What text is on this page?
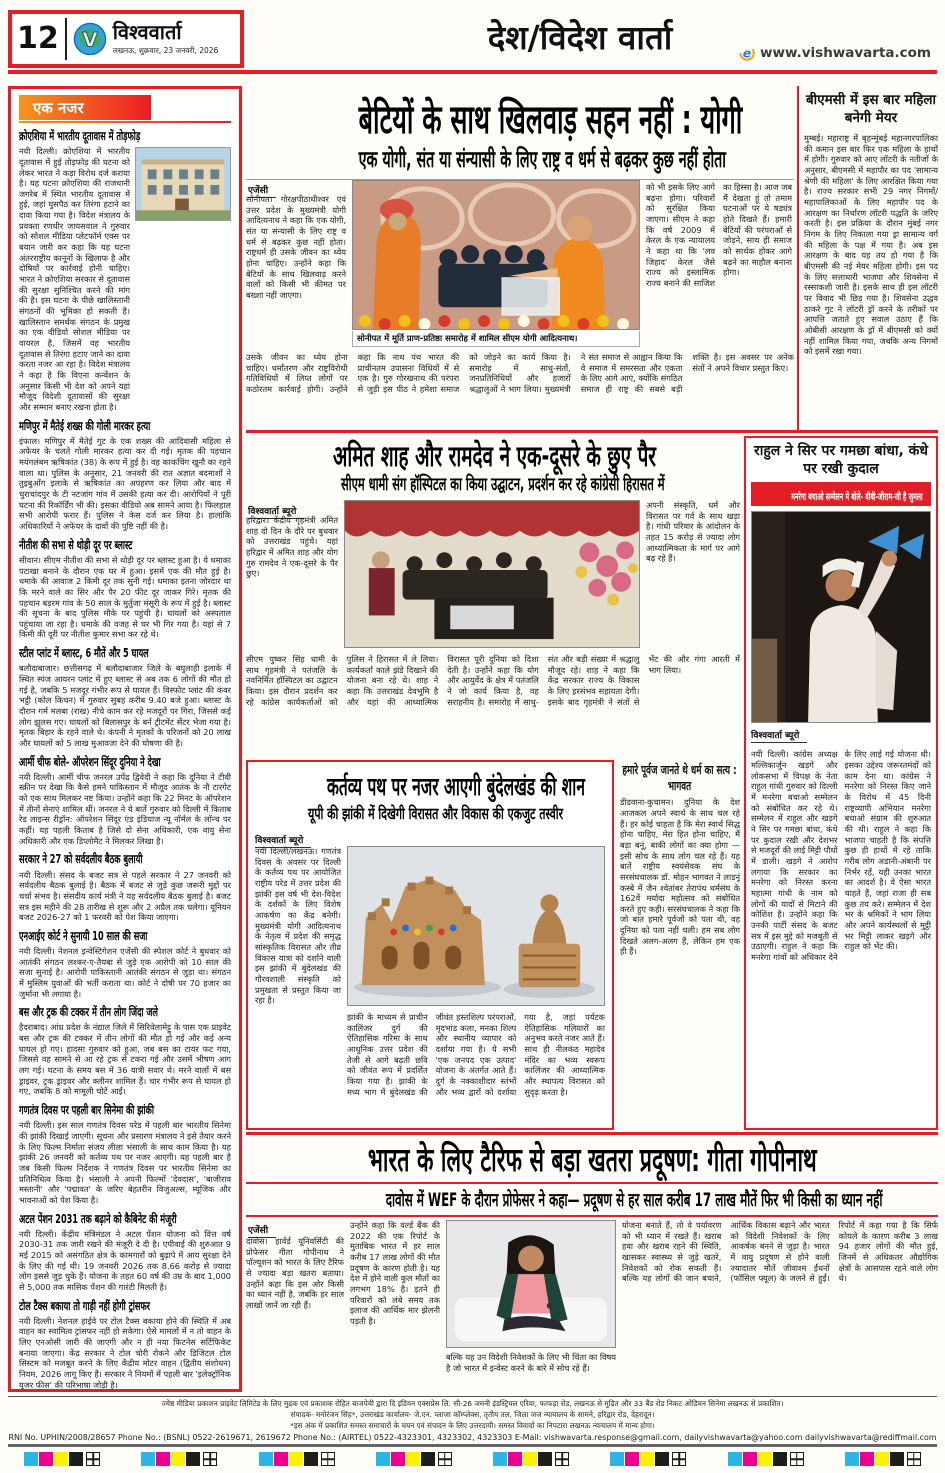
12 V विश्ववार्ता
लखनऊ, शुक्रवार, 23 जनवरी, 2026	देश/विदेश वार्ता	e www.vishwavarta.com
एक नजर
क्रोएशिया में भारतीय दूतावास में तोड़फोड़

नयी दिल्ली। क्रोएशिया में भारतीय दूतावास में हुई तोड़फोड़ की घटना को लेकर भारत ने कड़ा विरोध दर्ज कराया है। यह घटना क्रोएशिया की राजधानी जगरेब में स्थित भारतीय दूतावास में हुई, जहां घुसपैठ कर तिरंगा हटाने का दावा किया गया है। विदेश मंत्रालय के प्रवक्ता रणधीर जायसवाल ने गुरुवार को सोशल मीडिया प्लेटफॉर्म एक्स पर बयान जारी कर कहा कि यह घटना अंतरराष्ट्रीय कानूनों के खिलाफ है और दोषियों पर कार्रवाई होनी चाहिए। भारत ने क्रोएशिया सरकार से दूतावास की सुरक्षा सुनिश्चित करने की मांग की है। इस घटना के पीछे खालिस्तानी संगठनों की भूमिका हो सकती है। खालिस्तान समर्थक संगठन के प्रमुख का एक वीडियो सोशल मीडिया पर वायरल है, जिसमें वह भारतीय दूतावास से तिरंगा हटाए जाने का दावा करता नजर आ रहा है। विदेश मंत्रालय ने कहा है कि विएना कन्वेंशन के अनुसार किसी भी देश को अपने यहां मौजूद विदेशी दूतावासों की सुरक्षा और सम्मान बनाए रखना होता है।

मणिपुर में मैतेई शख्स की गोली मारकर हत्या

इंफाल। मणिपुर में मैतेई गुट के एक शख्स की आदिवासी महिला से अफेयर के चलते गोली मारकर हत्या कर दी गई। मृतक की पहचान मयंगलंबम ऋषिकांत (38) के रूप में हुई है। वह काकचिंग खुनौ का रहने वाला था। पुलिस के अनुसार, 21 जनवरी की रात अज्ञात बदमाशों ने तुइबुओंग इलाके से ऋषिकांत का अपहरण कर लिया और बाद में चुराचांदपुर के टी नटजांग गांव में उसकी हत्या कर दी। आरोपियों ने पूरी घटना की रिकॉर्डिंग भी की। इसका वीडियो अब सामने आया है। फिलहाल सभी आरोपी फरार हैं। पुलिस ने केस दर्ज कर लिया है। हालांकि अधिकारियों ने अफेयर के दावों की पुष्टि नहीं की है।

नीतीश की सभा से थोड़ी दूर पर ब्लास्ट

सीवान। सीएम नीतीश की सभा से थोड़ी दूर पर ब्लास्ट हुआ है। ये धमाका पटाखा बनाने के दौरान एक घर में हुआ। इसमें एक की मौत हुई है। धमाके की आवाज 2 किमी दूर तक सुनी गई। धमाका इतना जोरदार था कि मरने वाले का सिर और पैर 20 फीट दूर जाकर गिरे। मृतक की पहचान बड़रम गांव के 50 साल के मुर्तुजा मंसूरी के रूप में हुई है। ब्लास्ट की सूचना के बाद पुलिस मौके पर पहुंची है। घायलों को अस्पताल पहुंचाया जा रहा है। धमाके की वजह से घर भी गिर गया है। यहां से 7 किमी की दूरी पर नीतीश कुमार सभा कर रहे थे।

स्टील प्लांट में ब्लास्ट, 6 मौतें और 5 घायल

बलौदाबाजार। छत्तीसगढ़ में बलौदाबाजार जिले के बघुलाही इलाके में स्थित स्पंज आयरन प्लांट में हुए ब्लास्ट से अब तक 6 लोगों की मौत हो गई है, जबकि 5 मजदूर गंभीर रूप से घायल हैं। विस्फोट प्लांट की कंवर भट्ठी (कोल किचन) में गुरुवार सुबह करीब 9.40 बजे हुआ। ब्लास्ट के दौरान गर्म मलबा (राख) नीचे काम कर रहे मजदूरों पर गिरा, जिससे कई लोग झुलस गए। घायलों को बिलासपुर के बर्न ट्रीटमेंट सेंटर भेजा गया है। मृतक बिहार के रहने वाले थे। कंपनी ने मृतकों के परिजनों को 20 लाख और घायलों को 5 लाख मुआवजा देने की घोषणा की है।

आर्मी चीफ बोले- ऑपरेशन सिंदूर दुनिया ने देखा

नयी दिल्ली। आर्मी चीफ जनरल उपेंद्र द्विवेदी ने कहा कि दुनिया ने टीवी स्क्रीन पर देखा कि कैसे हमने पाकिस्तान में मौजूद आतंक के नौ टारगेट को एक साथ मिलकर नष्ट किया। उन्होंने कहा कि 22 मिनट के ऑपरेशन में तीनों सेनाएं शामिल थीं। जनरल ने ये बातें गुरुवार को दिल्ली में किताब रेड लाइन्स रीड्रॉन: ऑपरेशन सिंदूर एंड इंडियाज न्यू नॉर्मल के लॉन्च पर कहीं। यह पहली किताब है जिसे दो सेना अधिकारी, एक वायु सेना अधिकारी और एक डिप्लोमैट ने मिलकर लिखा है।

सरकार ने 27 को सर्वदलीय बैठक बुलायी

नयी दिल्ली। संसद के बजट सत्र से पहले सरकार ने 27 जनवरी को सर्वदलीय बैठक बुलाई है। बैठक में बजट से जुड़े कुछ जरूरी मुद्दों पर चर्चा संभव है। संसदीय कार्य मंत्री ने यह सर्वदलीय बैठक बुलाई है। बजट सत्र इस महीने की 28 तारीख से शुरू और 2 अप्रैल तक चलेगा। यूनियन बजट 2026-27 को 1 फरवरी को पेश किया जाएगा।

एनआईए कोर्ट ने सुनायी 10 साल की सजा

नयी दिल्ली। नेशनल इन्वेस्टिगेशन एजेंसी की स्पेशल कोर्ट ने बुधवार को आतंकी संगठन लश्कर-ए-तैयबा से जुड़े एक आरोपी को 10 साल की सजा सुनाई है। आरोपी पाकिस्तानी आतंकी संगठन से जुड़ा था। संगठन में मुस्लिम युवाओं की भर्ती कराता था। कोर्ट ने दोषी पर 70 हजार का जुर्माना भी लगाया है।

बस और ट्रक की टक्कर में तीन लोग जिंदा जले

हैदराबाद। आंध्र प्रदेश के नंद्याल जिले में सिरिवेलामेट्टु के पास एक प्राइवेट बस और ट्रक की टक्कर में तीन लोगों की मौत हो गई और कई अन्य घायल हो गए। हादसा गुरुवार को हुआ, जब बस का टायर फट गया, जिससे वह सामने से आ रहे ट्रक से टकरा गई और उसमें भीषण आग लग गई। घटना के समय बस में 36 यात्री सवार थे। मरने वालों में बस ड्राइवर, ट्रक ड्राइवर और क्लीनर शामिल हैं। चार गंभीर रूप से घायल हो गए, जबकि 8 को मामूली चोटें आईं।

गणतंत्र दिवस पर पहली बार सिनेमा की झांकी

नयी दिल्ली। इस साल गणतंत्र दिवस परेड में पहली बार भारतीय सिनेमा की झांकी दिखाई जाएगी। सूचना और प्रसारण मंत्रालय ने इसे तैयार करने के लिए फिल्म निर्माता संजय लीला भंसाली के साथ काम किया है। यह झांकी 26 जनवरी को कर्तव्य पथ पर नजर आएगी। यह पहली बार है जब किसी फिल्म निर्देशक ने गणतंत्र दिवस पर भारतीय सिनेमा का प्रतिनिधित्व किया है। भंसाली ने अपनी फिल्मों 'देवदास', 'बाजीराव मस्तानी' और 'पद्मावत' के जरिए बेहतरीन विजुअल्स, म्यूजिक और भावनाओं को पेश किया है।

अटल पेंशन 2031 तक बढ़ाने को कैबिनेट की मंजूरी

नयी दिल्ली। केंद्रीय मंत्रिमंडल ने अटल पेंशन योजना को वित्त वर्ष 2030-31 तक जारी रखने की मंजूरी दे दी है। एपीवाई की शुरुआत 9 मई 2015 को असंगठित क्षेत्र के कामगारों को बुढ़ापे में आय सुरक्षा देने के लिए की गई थी। 19 जनवरी 2026 तक 8.66 करोड़ से ज्यादा लोग इससे जुड़ चुके हैं। योजना के तहत 60 वर्ष की उम्र के बाद 1,000 से 5,000 तक मासिक पेंशन की गारंटी मिलती है।

टोल टैक्स बकाया तो गाड़ी नहीं होगी ट्रांसफर

नयी दिल्ली। नेशनल हाईवे पर टोल टैक्स बकाया होने की स्थिति में अब वाहन का स्वामित्व ट्रांसफर नहीं हो सकेगा। ऐसे मामलों में न तो वाहन के लिए एनओसी जारी की जाएगी और न ही नया फिटनेस सर्टिफिकेट बनाया जाएगा। केंद्र सरकार ने टोल चोरी रोकने और डिजिटल टोल सिस्टम को मजबूत करने के लिए केंद्रीय मोटर वाहन (द्वितीय संशोधन) नियम, 2026 लागू किए हैं। सरकार ने नियमों में पहली बार 'इलेक्ट्रॉनिक यूजर फीस' की परिभाषा जोड़ी है।

बेटियों के साथ खिलवाड़ सहन नहीं : योगी
एक योगी, संत या संन्यासी के लिए राष्ट्र व धर्म से बढ़कर कुछ नहीं होता
एजेंसी
सोनीपत। गोरक्षपीठाधीश्वर एवं उत्तर प्रदेश के मुख्यमंत्री योगी आदित्यनाथ ने कहा कि एक योगी, संत या संन्यासी के लिए राष्ट्र व धर्म से बढ़कर कुछ नहीं होता। राष्ट्रधर्म ही उसके जीवन का ध्येय होना चाहिए। उन्होंने कहा कि बेटियों के साथ खिलवाड़ करने वालों को किसी भी कीमत पर बख्शा नहीं जाएगा।
सोनीपत में मूर्ति प्राण-प्रतिष्ठा समारोह में शामिल सीएम योगी आदित्यनाथ।
को भी इसके लिए आगे बढ़ना होगा। परिवारों को सुरक्षित किया जाएगा। सीएम ने कहा कि वर्ष 2009 में केरल के एक न्यायालय ने कहा था कि 'लव जिहाद' केरल जैसे राज्य को इस्लामिक राज्य बनाने की साजिश का हिस्सा है। आज जब मैं देखता हूं तो तमाम घटनाओं पर ये षड्यंत्र होते दिखते हैं। हमारी बेटियों की परंपराओं से जोड़ने, साथ ही समाज को सार्थक होकर आगे बढ़ने का माहौल बनाना होगा।
उसके जीवन का ध्येय होना चाहिए। धर्मांतरण और राष्ट्रविरोधी गतिविधियों में लिप्त लोगों पर कठोरतम कार्रवाई होगी। उन्होंने कहा कि नाथ पंथ भारत की प्राचीनतम उपासना विधियों में से एक है। गुरु गोरखनाथ की परंपरा से जुड़ी इस पीठ ने हमेशा समाज को जोड़ने का कार्य किया है। समारोह में साधु-संतों, जनप्रतिनिधियों और हजारों श्रद्धालुओं ने भाग लिया। मुख्यमंत्री ने संत समाज से आह्वान किया कि वे समाज में समरसता और एकता के लिए आगे आएं, क्योंकि संगठित समाज ही राष्ट्र की सबसे बड़ी शक्ति है। इस अवसर पर अनेक संतों ने अपने विचार प्रस्तुत किए।
बीएमसी में इस बार महिला बनेगी मेयर

मुम्बई। महाराष्ट्र में बृहन्मुंबई महानगरपालिका की कमान इस बार फिर एक महिला के हाथों में होगी। गुरुवार को आए लॉटरी के नतीजों के अनुसार, बीएमसी में महापौर का पद 'सामान्य श्रेणी की महिला' के लिए आरक्षित किया गया है। राज्य सरकार सभी 29 नगर निगमों/महापालिकाओं के लिए महापौर पद के आरक्षण का निर्धारण लॉटरी पद्धति के जरिए करती है। इस प्रक्रिया के दौरान मुंबई नगर निगम के लिए निकाला गया ड्रा सामान्य वर्ग की महिला के पक्ष में गया है। अब इस आरक्षण के बाद यह तय हो गया है कि बीएमसी की नई मेयर महिला होगी। इस पद के लिए सत्ताधारी भाजपा और शिवसेना में रस्साकशी जारी है। इसके साथ ही इस लॉटरी पर विवाद भी छिड़ गया है। शिवसेना उद्धव ठाकरे गुट ने लॉटरी ड्रॉ करने के तरीकों पर आपत्ति जताते हुए सवाल उठाए हैं कि ओबीसी आरक्षण के ड्रॉ में बीएमसी को क्यों नहीं शामिल किया गया, जबकि अन्य निगमों को इसमें रखा गया।

अमित शाह और रामदेव ने एक-दूसरे के छुए पैर
सीएम धामी संग हॉस्पिटल का किया उद्घाटन, प्रदर्शन कर रहे कांग्रेसी हिरासत में
विश्ववार्ता ब्यूरो
हरिद्वार। केंद्रीय गृहमंत्री अमित शाह दो दिन के दौरे पर बुधवार को उत्तराखंड पहुंचे। यहां हरिद्वार में अमित शाह और योग गुरु रामदेव ने एक-दूसरे के पैर छुए।
अपनी संस्कृति, धर्म और विरासत पर गर्व के साथ खड़ा है। गांधी परिवार के आंदोलन के तहत 15 करोड़ से ज्यादा लोग आध्यात्मिकता के मार्ग पर आगे बढ़ रहे हैं।
सीएम पुष्कर सिंह धामी के साथ गृहमंत्री ने पतंजलि के नवनिर्मित हॉस्पिटल का उद्घाटन किया। इस दौरान प्रदर्शन कर रहे कांग्रेस कार्यकर्ताओं को पुलिस ने हिरासत में ले लिया। कार्यकर्ता काले झंडे दिखाने की योजना बना रहे थे। शाह ने कहा कि उत्तराखंड देवभूमि है और यहां की आध्यात्मिक विरासत पूरी दुनिया को दिशा देती है। उन्होंने कहा कि योग और आयुर्वेद के क्षेत्र में पतंजलि ने जो कार्य किया है, वह सराहनीय है। समारोह में साधु-संत और बड़ी संख्या में श्रद्धालु मौजूद रहे। शाह ने कहा कि केंद्र सरकार राज्य के विकास के लिए हरसंभव सहायता देगी। इसके बाद गृहमंत्री ने संतों से भेंट की और गंगा आरती में भाग लिया।
राहुल ने सिर पर गमछा बांधा, कंधे पर रखी कुदाल
मनरेगा बचाओ सम्मेलन में बोले- वीबी-जीराम-जी है जुमला
विश्ववार्ता ब्यूरो
नयी दिल्ली। कांग्रेस अध्यक्ष मल्लिकार्जुन खड़गे और लोकसभा में विपक्ष के नेता राहुल गांधी गुरुवार को दिल्ली में मनरेगा बचाओ सम्मेलन को संबोधित कर रहे थे। सम्मेलन में राहुल और खड़गे ने सिर पर गमछा बांधा, कंधे पर कुदाल रखी और देशभर से मजदूरों की लाई मिट्टी पौधों में डाली। खड़गे ने आरोप लगाया कि सरकार का मनरेगा को निरस्त करना महात्मा गांधी के नाम को लोगों की यादों से मिटाने की कोशिश है। उन्होंने कहा कि उनकी पार्टी संसद के बजट सत्र में इस मुद्दे को मजबूती से उठाएगी। राहुल ने कहा कि मनरेगा गांवों को अधिकार देने के लिए लाई गई योजना थी। इसका उद्देश्य जरूरतमंदों को काम देना था। कांग्रेस ने मनरेगा को निरस्त किए जाने के विरोध में 45 दिनी राष्ट्रव्यापी अभियान मनरेगा बचाओ संग्राम की शुरुआत की थी। राहुल ने कहा कि भाजपा चाहती है कि संपत्ति कुछ ही हाथों में रहे ताकि गरीब लोग अडानी-अंबानी पर निर्भर रहें, यही उनका भारत का आदर्श है। वे ऐसा भारत चाहते हैं, जहां राजा ही सब कुछ तय करे। सम्मेलन में देश भर के श्रमिकों ने भाग लिया और अपने कार्यस्थलों से मुट्ठी भर मिट्टी लाकर खड़गे और राहुल को भेंट की।
कर्तव्य पथ पर नजर आएगी बुंदेलखंड की शान
यूपी की झांकी में दिखेगी विरासत और विकास की एकजुट तस्वीर
विश्ववार्ता ब्यूरो
नयी दिल्ली/लखनऊ। गणतंत्र दिवस के अवसर पर दिल्ली के कर्तव्य पथ पर आयोजित राष्ट्रीय परेड में उत्तर प्रदेश की झांकी इस वर्ष भी देश-विदेश के दर्शकों के लिए विशेष आकर्षण का केंद्र बनेगी। मुख्यमंत्री योगी आदित्यनाथ के नेतृत्व में प्रदेश की समृद्ध सांस्कृतिक विरासत और तीव्र विकास यात्रा को दर्शाने वाली इस झांकी में बुंदेलखंड की गौरवशाली संस्कृति को प्रमुखता से प्रस्तुत किया जा रहा है।
झांकी के माध्यम से प्राचीन कालिंजर दुर्ग की ऐतिहासिक गरिमा के साथ आधुनिक उत्तर प्रदेश की तेजी से आगे बढ़ती छवि को जीवंत रूप में प्रदर्शित किया गया है। झांकी के मध्य भाग में बुंदेलखंड की जीवंत हस्तशिल्प परंपराओं, मृदभांड कला, मनका शिल्प और स्थानीय व्यापार को दर्शाया गया है। ये सभी 'एक जनपद एक उत्पाद' योजना के अंतर्गत आते हैं। दुर्ग के नक्काशीदार स्तंभों और भव्य द्वारों को दर्शाया गया है, जहां पर्यटक ऐतिहासिक गलियारों का अनुभव करते नजर आते हैं। साथ ही नीलकंठ महादेव मंदिर का भव्य स्वरूप कालिंजर की आध्यात्मिक और स्थापत्य विरासत को सुदृढ़ करता है।
हमारे पूर्वज जानते थे धर्म का सत्य : भागवत

डीडवाना-कुचामन। दुनिया के देश आजकल अपने स्वार्थ के साथ चल रहे हैं। हर कोई चाहता है कि मेरा स्वार्थ सिद्ध होना चाहिए, मेरा हित होना चाहिए, मैं बड़ा बनूं, बाकी लोगों का क्या होगा — इसी सोच के साथ लोग चल रहे हैं। यह बातें राष्ट्रीय स्वयंसेवक संघ के सरसंघचालक डॉ. मोहन भागवत ने लाडनूं कस्बे में जैन श्वेतांबर तेरापंथ धर्मसंघ के 162वें मर्यादा महोत्सव को संबोधित करते हुए कही। सरसंघचालक ने कहा कि जो बात हमारे पूर्वजों को पता थी, वह दुनिया को पता नहीं चली। हम सब लोग दिखते अलग-अलग हैं, लेकिन हम एक ही हैं।

भारत के लिए टैरिफ से बड़ा खतरा प्रदूषण: गीता गोपीनाथ
दावोस में WEF के दौरान प्रोफेसर ने कहा— प्रदूषण से हर साल करीब 17 लाख मौतें फिर भी किसी का ध्यान नहीं
एजेंसी
दावोस। हार्वर्ड यूनिवर्सिटी की प्रोफेसर गीता गोपीनाथ ने पॉल्यूशन को भारत के लिए टैरिफ से ज्यादा बड़ा खतरा बताया। उन्होंने कहा कि इस ओर किसी का ध्यान नहीं है, जबकि हर साल लाखों जानें जा रही हैं।
उन्होंने कहा कि वर्ल्ड बैंक की 2022 की एक रिपोर्ट के मुताबिक भारत में हर साल करीब 17 लाख लोगों की मौत प्रदूषण के कारण होती है। यह देश में होने वाली कुल मौतों का लगभग 18% है। इतने ही परिवारों को लंबे समय तक इलाज की आर्थिक मार झेलनी पड़ती है।
बल्कि यह उन विदेशी निवेशकों के लिए भी चिंता का विषय है जो भारत में इन्वेस्ट करने के बारे में सोच रहे हैं।
योजना बनाते हैं, तो वे पर्यावरण को भी ध्यान में रखते हैं। खराब हवा और खराब रहने की स्थिति, खासकर स्वास्थ्य से जुड़े खतरे, निवेशकों को रोक सकती हैं। बल्कि यह लोगों की जान बचाने, आर्थिक विकास बढ़ाने और भारत को विदेशी निवेशकों के लिए आकर्षक बनने से जुड़ा है। भारत में वायु प्रदूषण से होने वाली ज्यादातर मौतें जीवाश्म ईंधनों (फॉसिल फ्यूल) के जलने से हुईं। रिपोर्ट में कहा गया है कि सिर्फ कोयले के कारण करीब 3 लाख 94 हजार लोगों की मौत हुई, जिनमें से अधिकतर औद्योगिक क्षेत्रों के आसपास रहने वाले लोग थे।
ज्येष्ठ मीडिया प्रकाशन प्राइवेट लिमिटेड के लिए मुद्रक एवं प्रकाशक रोहित बाजपेयी द्वारा दि इंडियन एक्सप्रेस लि. सी-26 जमनी इंडस्ट्रियल एरिया, फाफड़ा रोड, लखनऊ से मुद्रित और 33 बैंड रोड निकट ओडियन सिनेमा लखनऊ से प्रकाशित।
संपादक- मनोरंजन सिंह*, उत्तराखंड कार्यालय- जे.एन. प्लाजा कॉम्प्लेक्स, तृतीय तल, जिला जज न्यायालय के सामने, हरिद्वार रोड, देहरादून।
*इस अंक में प्रकाशित समस्त समाचारों के चयन एवं संपादन के लिए उत्तरदायी। समस्त विवादों का निपटारा लखनऊ न्यायालय में मान्य होगा।
RNI No. UPHIN/2008/28657 Phone No.: (BSNL) 0522-2619671, 2619672 Phone No.: (AIRTEL) 0522-4323301, 4323302, 4323303 E-Mail: vishwavarta.response@gmail.com, dailyvishwavarta@yahoo.com dailyvishwavarta@rediffmail.com
